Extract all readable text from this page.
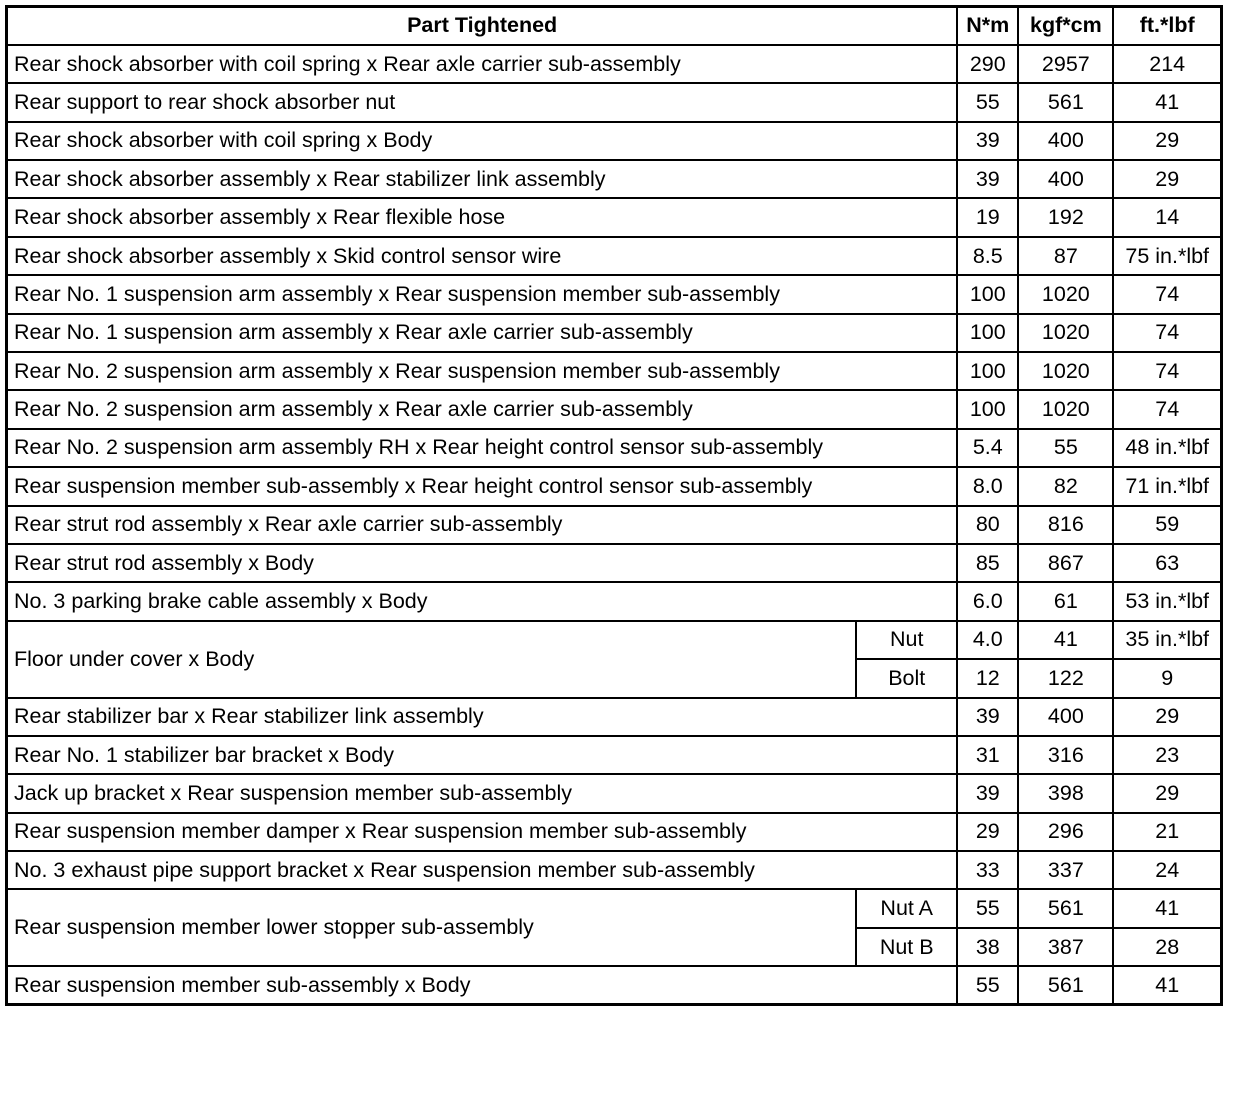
Part Tightened		N*m	kgf*cm	ft.*lbf
Rear shock absorber with coil spring x Rear axle carrier sub-assembly		290	2957	214
Rear support to rear shock absorber nut		55	561	41
Rear shock absorber with coil spring x Body		39	400	29
Rear shock absorber assembly x Rear stabilizer link assembly		39	400	29
Rear shock absorber assembly x Rear flexible hose		19	192	14
Rear shock absorber assembly x Skid control sensor wire		8.5	87	75 in.*lbf
Rear No. 1 suspension arm assembly x Rear suspension member sub-assembly		100	1020	74
Rear No. 1 suspension arm assembly x Rear axle carrier sub-assembly		100	1020	74
Rear No. 2 suspension arm assembly x Rear suspension member sub-assembly		100	1020	74
Rear No. 2 suspension arm assembly x Rear axle carrier sub-assembly		100	1020	74
Rear No. 2 suspension arm assembly RH x Rear height control sensor sub-assembly		5.4	55	48 in.*lbf
Rear suspension member sub-assembly x Rear height control sensor sub-assembly		8.0	82	71 in.*lbf
Rear strut rod assembly x Rear axle carrier sub-assembly		80	816	59
Rear strut rod assembly x Body		85	867	63
No. 3 parking brake cable assembly x Body		6.0	61	53 in.*lbf
Floor under cover x Body	Nut	4.0	41	35 in.*lbf
	Bolt	12	122	9
Rear stabilizer bar x Rear stabilizer link assembly		39	400	29
Rear No. 1 stabilizer bar bracket x Body		31	316	23
Jack up bracket x Rear suspension member sub-assembly		39	398	29
Rear suspension member damper x Rear suspension member sub-assembly		29	296	21
No. 3 exhaust pipe support bracket x Rear suspension member sub-assembly		33	337	24
Rear suspension member lower stopper sub-assembly	Nut A	55	561	41
	Nut B	38	387	28
Rear suspension member sub-assembly x Body		55	561	41
